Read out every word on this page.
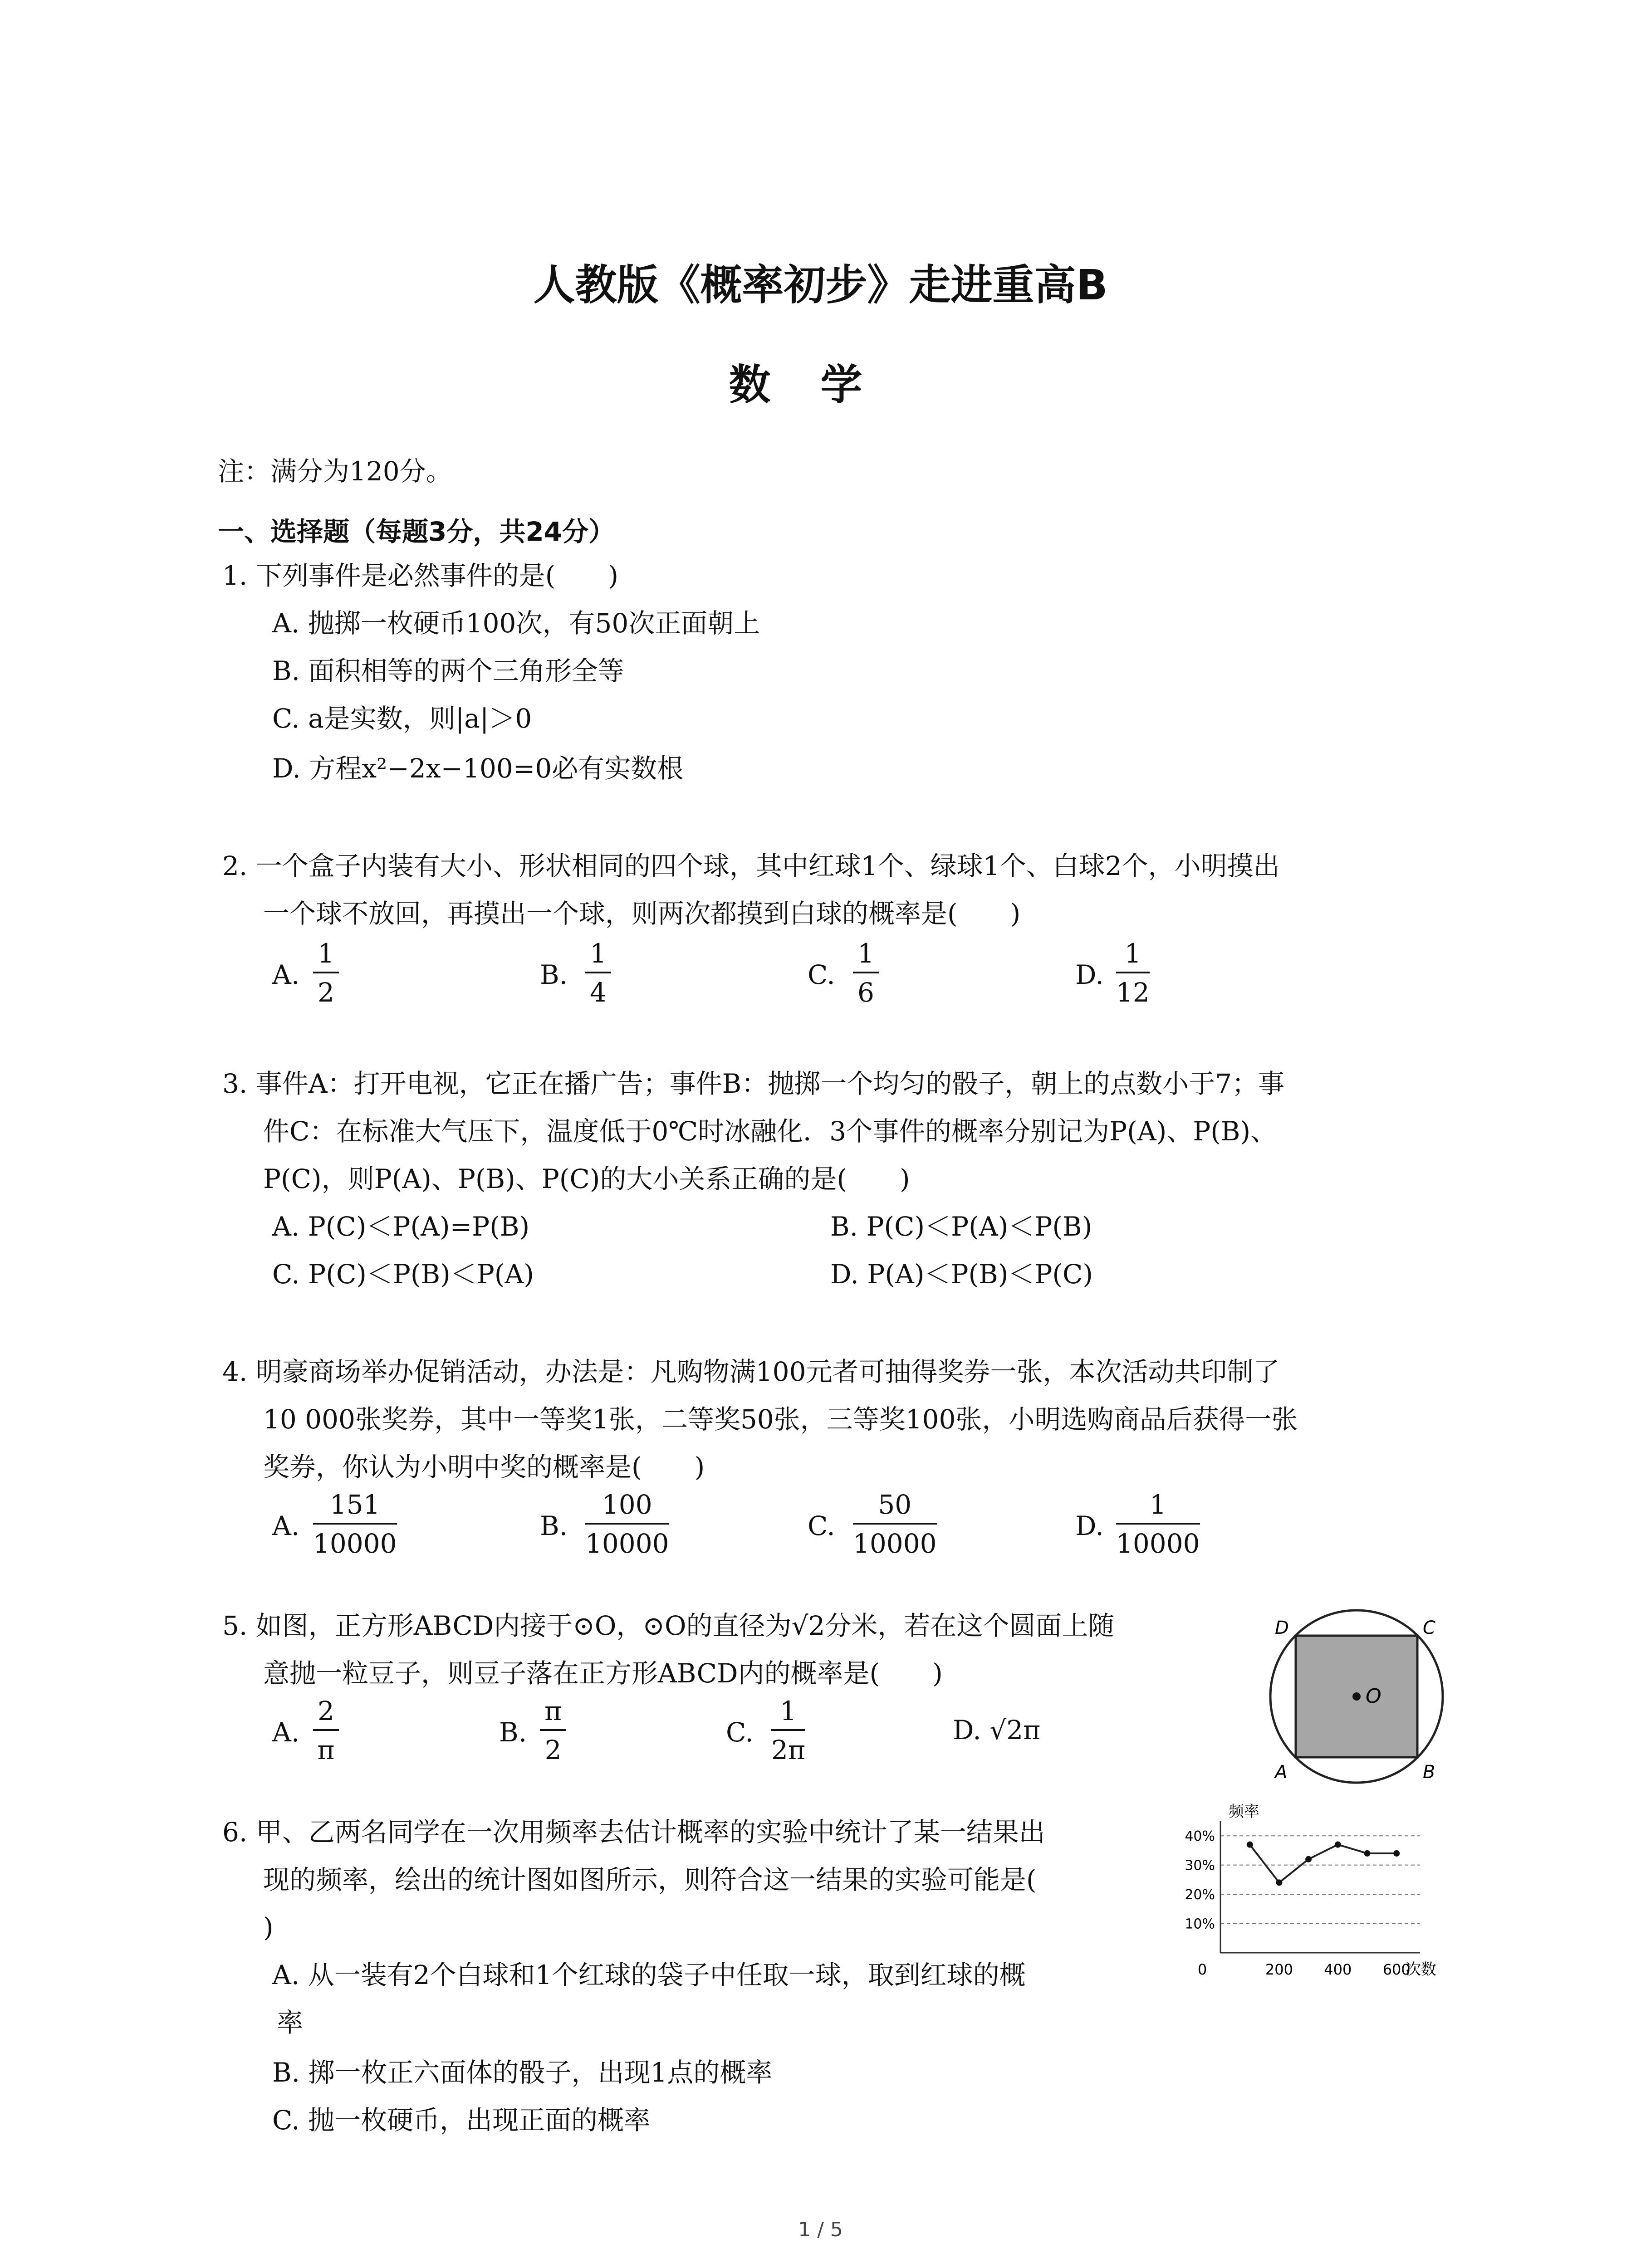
人教版《概率初步》走进重高B
数学
注：满分为120分。
一、选择题（每题3分，共24分）
1. 下列事件是必然事件的是(　　)
A. 抛掷一枚硬币100次，有50次正面朝上
B. 面积相等的两个三角形全等
C. a是实数，则|a|＞0
D. 方程x²−2x−100=0必有实数根
2. 一个盒子内装有大小、形状相同的四个球，其中红球1个、绿球1个、白球2个，小明摸出
一个球不放回，再摸出一个球，则两次都摸到白球的概率是(　　)
A. $\frac{1}{2}$	B. $\frac{1}{4}$	C. $\frac{1}{6}$	D. $\frac{1}{12}$
3. 事件A：打开电视，它正在播广告；事件B：抛掷一个均匀的骰子，朝上的点数小于7；事
件C：在标准大气压下，温度低于0℃时冰融化．3个事件的概率分别记为P(A)、P(B)、
P(C)，则P(A)、P(B)、P(C)的大小关系正确的是(　　)
A. P(C)＜P(A)=P(B)	B. P(C)＜P(A)＜P(B)
C. P(C)＜P(B)＜P(A)	D. P(A)＜P(B)＜P(C)
4. 明豪商场举办促销活动，办法是：凡购物满100元者可抽得奖券一张，本次活动共印制了
10 000张奖券，其中一等奖1张，二等奖50张，三等奖100张，小明选购商品后获得一张
奖券，你认为小明中奖的概率是(　　)
A. $\frac{151}{10000}$	B. $\frac{100}{10000}$	C. $\frac{50}{10000}$	D. $\frac{1}{10000}$
5. 如图，正方形ABCD内接于⊙O，⊙O的直径为√2分米，若在这个圆面上随
意抛一粒豆子，则豆子落在正方形ABCD内的概率是(　　)
A. $\frac{2}{\pi}$	B. $\frac{\pi}{2}$	C. $\frac{1}{2\pi}$	D. √2π
O
D	C
A	B
6. 甲、乙两名同学在一次用频率去估计概率的实验中统计了某一结果出
现的频率，绘出的统计图如图所示，则符合这一结果的实验可能是(
)
A. 从一装有2个白球和1个红球的袋子中任取一球，取到红球的概
率
B. 掷一枚正六面体的骰子，出现1点的概率
C. 抛一枚硬币，出现正面的概率
频率
次数
10%
20%
30%
40%
0	200 400 600
1 / 5
